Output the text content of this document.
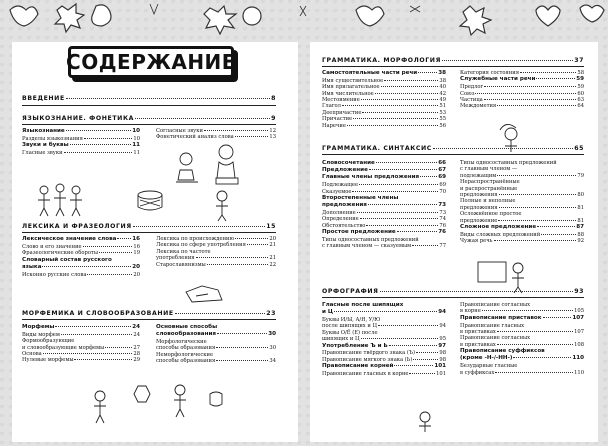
СОДЕРЖАНИЕ
ВВЕДЕНИЕ	8
ЯЗЫКОЗНАНИЕ. ФОНЕТИКА	9
Языкознание	10
Разделы языкознания	10
Звуки и буквы	11
Гласные звуки	11
Согласные звуки	12
Фонетический анализ слова	13
ЛЕКСИКА И ФРАЗЕОЛОГИЯ	15
Лексическое значение слова	16
Слово и его значение	16
Фразеологические обороты	19
Словарный состав русского
языка	20
Исконно русские слова	20
Лексика по происхождению	20
Лексика по сфере употребления	21
Лексика по частоте
употребления	21
Старославянизмы	22
МОРФЕМИКА И СЛОВООБРАЗОВАНИЕ	23
Морфемы	24
Виды морфем	24
Формообразующие
и словообразующие морфемы	27
Основа	28
Нулевые морфемы	29
Основные способы
словообразования	30
Морфологические
способы образования	30
Неморфологические
способы образования	34
ГРАММАТИКА. МОРФОЛОГИЯ	37
Самостоятельные части речи	38
Имя существительное	38
Имя прилагательное	40
Имя числительное	42
Местоимение	49
Глагол	51
Деепричастие	53
Причастие	55
Наречие	56
Категория состояния	58
Служебные части речи	59
Предлог	59
Союз	60
Частица	63
Междометия	64
ГРАММАТИКА. СИНТАКСИС	65
Словосочетание	66
Предложение	67
Главные члены предложения	69
Подлежащее	69
Сказуемое	70
Второстепенные члены
предложения	73
Дополнение	73
Определение	74
Обстоятельство	76
Простое предложение	76
Типы односоставных предложений
с главным членом — сказуемым	77
Типы односоставных предложений
с главным членом —
подлежащим	79
Нераспространённые
и распространённые
предложения	80
Полные и неполные
предложения	81
Осложнённое простое
предложение	81
Сложное предложение	87
Виды сложных предложений	88
Чужая речь	92
ОРФОГРАФИЯ	93
Гласные после шипящих
и Ц	94
Буквы И/Ы, А/Я, У/Ю
после шипящих и Ц	94
Буквы О/Ё (Е) после
шипящих и Ц	95
Употребление Ъ и Ь	97
Правописание твёрдого знака (Ъ)	98
Правописание мягкого знака (Ь)	98
Правописание корней	101
Правописание гласных в корне	101
Правописание согласных
в корне	105
Правописание приставок	107
Правописание гласных
в приставках	107
Правописание согласных
в приставках	108
Правописание суффиксов
(кроме -Н-/-НН-)	110
Безударные гласные
в суффиксах	110
